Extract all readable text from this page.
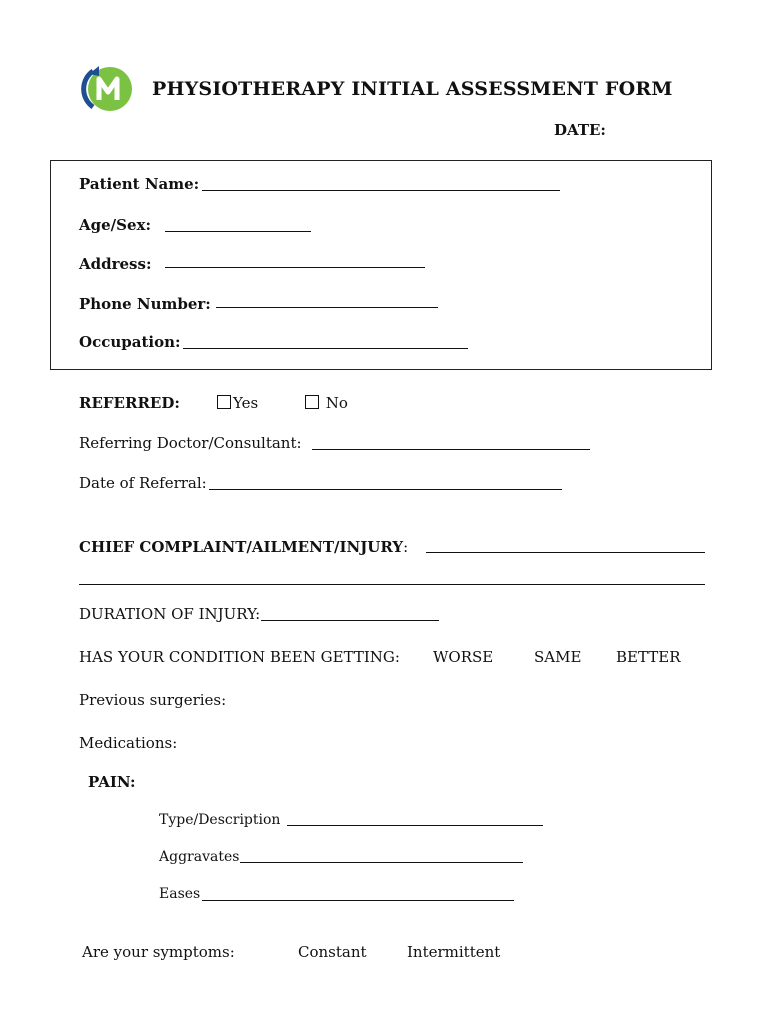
PHYSIOTHERAPY INITIAL ASSESSMENT FORM
DATE:
Patient Name:
Age/Sex:
Address:
Phone Number:
Occupation:
REFERRED:	Yes	No
Referring Doctor/Consultant:
Date of Referral:
CHIEF COMPLAINT/AILMENT/INJURY:
DURATION OF INJURY:
HAS YOUR CONDITION BEEN GETTING: WORSE	SAME BETTER
Previous surgeries:
Medications:
PAIN:
Type/Description
Aggravates
Eases
Are your symptoms:	Constant	Intermittent
